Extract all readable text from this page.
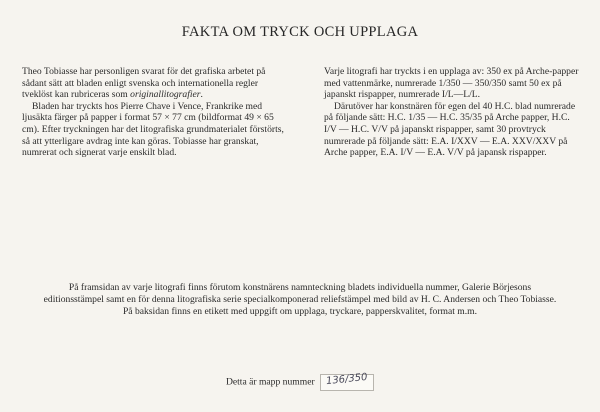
FAKTA OM TRYCK OCH UPPLAGA

Theo Tobiasse har personligen svarat för det grafiska arbetet på sådant sätt att bladen enligt svenska och internationella regler tveklöst kan rubriceras som originallitografier.

Bladen har tryckts hos Pierre Chave i Vence, Frankrike med ljusäkta färger på papper i format 57 × 77 cm (bildformat 49 × 65 cm). Efter tryckningen har det litografiska grundmaterialet förstörts, så att ytterligare avdrag inte kan göras. Tobiasse har granskat, numrerat och signerat varje enskilt blad.

Varje litografi har tryckts i en upplaga av: 350 ex på Arche-papper med vattenmärke, numrerade 1/350 — 350/350 samt 50 ex på japanskt rispapper, numrerade I/L—L/L.

Därutöver har konstnären för egen del 40 H.C. blad numrerade på följande sätt: H.C. 1/35 — H.C. 35/35 på Arche papper, H.C. I/V — H.C. V/V på japanskt rispapper, samt 30 provtryck numrerade på följande sätt: E.A. I/XXV — E.A. XXV/XXV på Arche papper, E.A. I/V — E.A. V/V på japansk rispapper.

På framsidan av varje litografi finns förutom konstnärens namnteckning bladets individuella nummer, Galerie Börjesons editionsstämpel samt en för denna litografiska serie specialkomponerad reliefstämpel med bild av H. C. Andersen och Theo Tobiasse.

På baksidan finns en etikett med uppgift om upplaga, tryckare, papperskvalitet, format m.m.

Detta är mapp nummer 136/350
